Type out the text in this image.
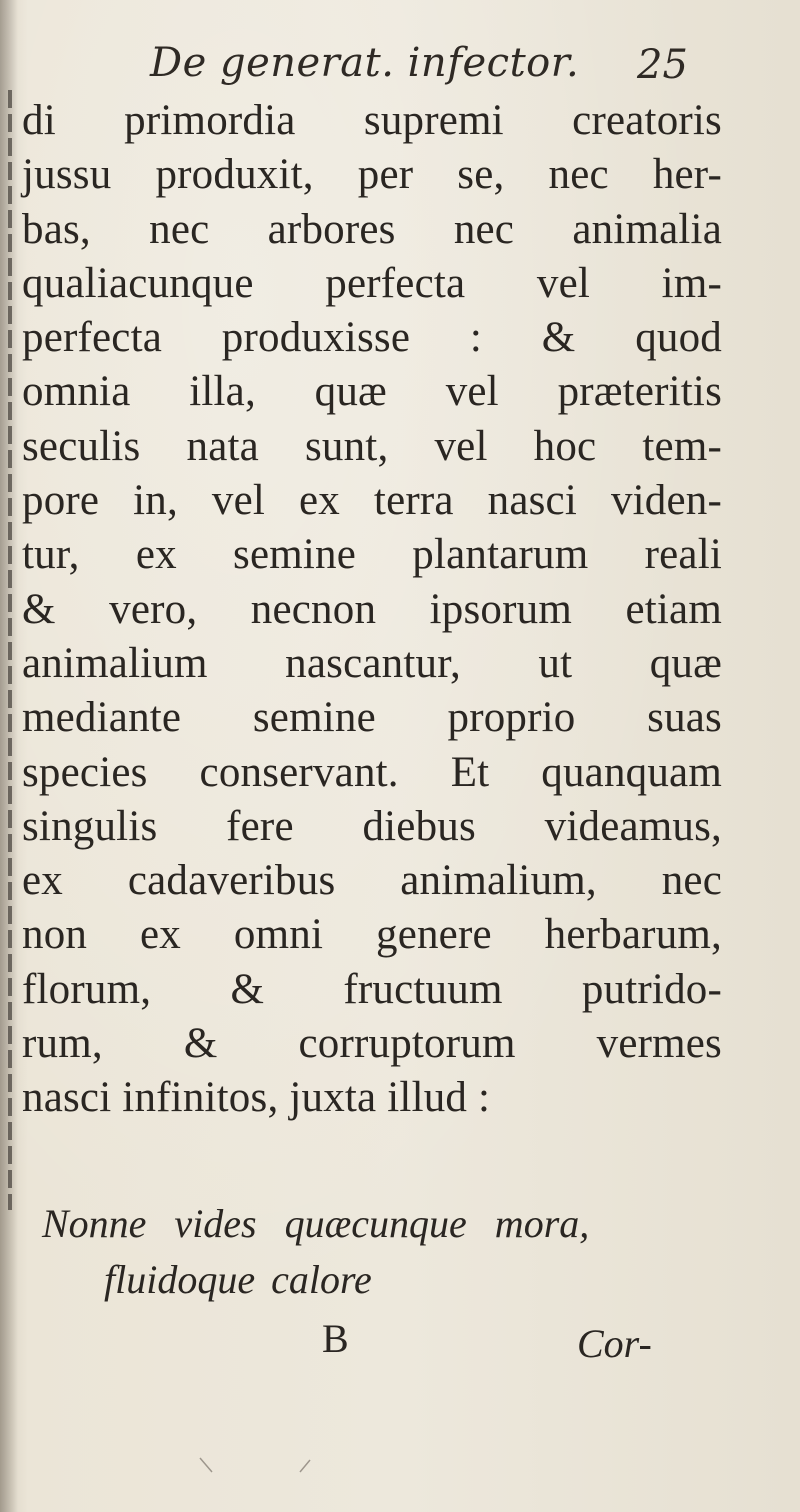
De generat. infector. 25
di primordia supremi creatoris
jussu produxit, per se, nec her-
bas, nec arbores nec animalia
qualiacunque perfecta vel im-
perfecta produxisse : & quod
omnia illa, quæ vel præteritis
seculis nata sunt, vel hoc tem-
pore in, vel ex terra nasci viden-
tur, ex semine plantarum reali
& vero, necnon ipsorum etiam
animalium nascantur, ut quæ
mediante semine proprio suas
species conservant. Et quanquam
singulis fere diebus videamus,
ex cadaveribus animalium, nec
non ex omni genere herbarum,
florum, & fructuum putrido-
rum, & corruptorum vermes
nasci infinitos, juxta illud :
Nonne vides quæcunque mora,
fluidoque calore
B	Cor-
